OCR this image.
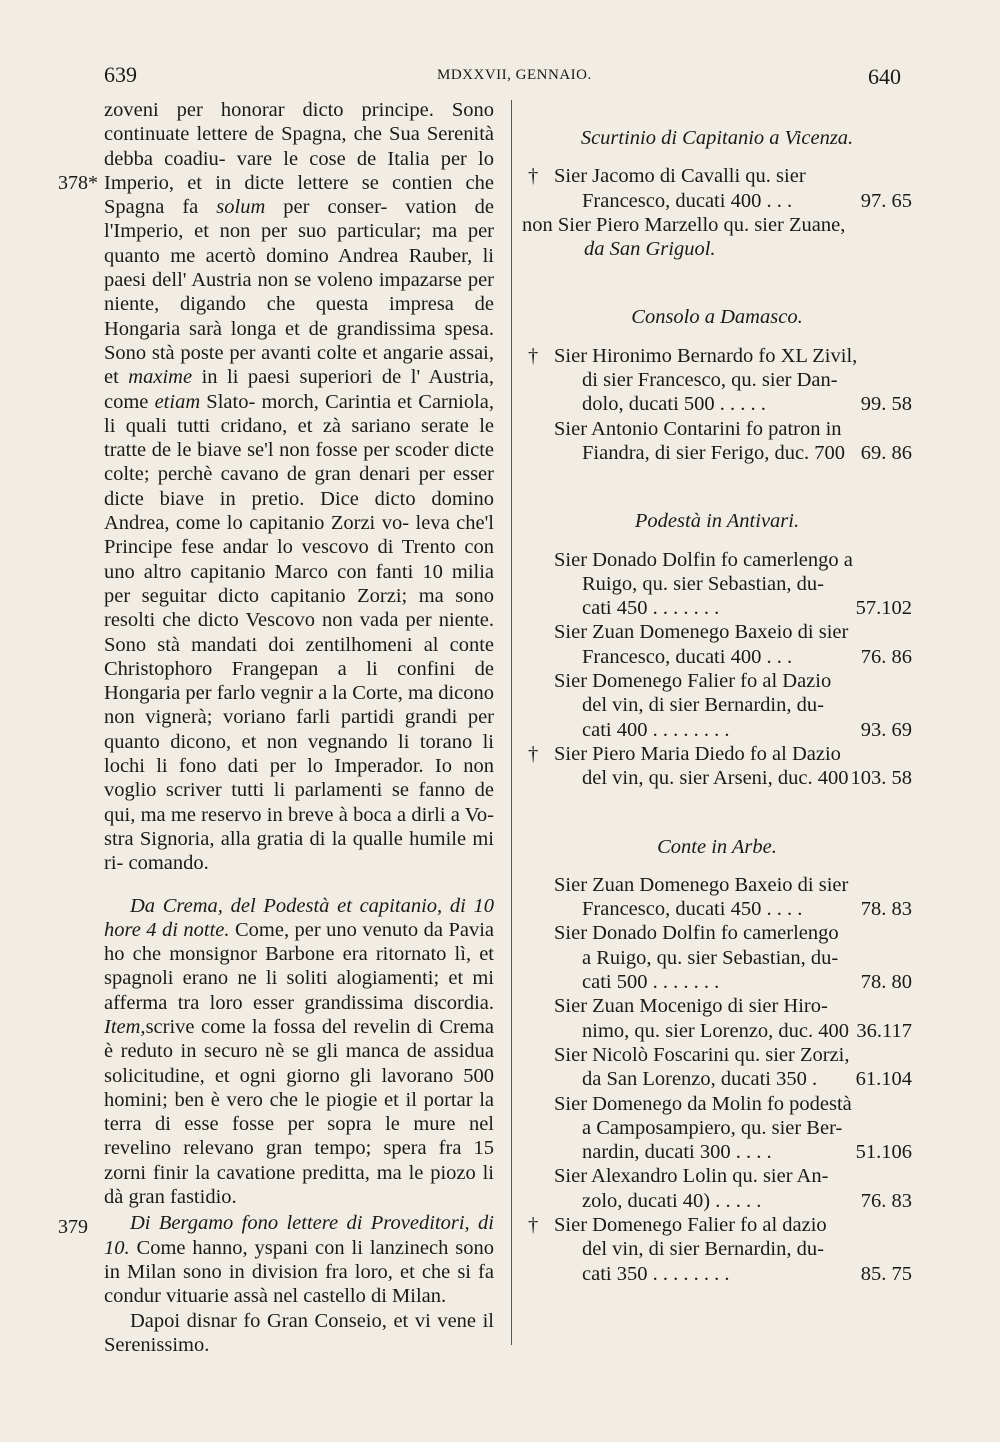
639	MDXXVII, GENNAIO.	640
378*
379

zoveni per honorar dicto principe. Sono continuate lettere de Spagna, che Sua Serenità debba coadiu- vare le cose de Italia per lo Imperio, et in dicte lettere se contien che Spagna fa solum per conser- vation de l'Imperio, et non per suo particular; ma per quanto me acertò domino Andrea Rauber, li paesi dell' Austria non se voleno impazarse per niente, digando che questa impresa de Hongaria sarà longa et de grandissima spesa. Sono stà poste per avanti colte et angarie assai, et maxime in li paesi superiori de l' Austria, come etiam Slato- morch, Carintia et Carniola, li quali tutti cridano, et zà sariano serate le tratte de le biave se'l non fosse per scoder dicte colte; perchè cavano de gran denari per esser dicte biave in pretio. Dice dicto domino Andrea, come lo capitanio Zorzi vo- leva che'l Principe fese andar lo vescovo di Trento con uno altro capitanio Marco con fanti 10 milia per seguitar dicto capitanio Zorzi; ma sono resolti che dicto Vescovo non vada per niente. Sono stà mandati doi zentilhomeni al conte Christophoro Frangepan a li confini de Hongaria per farlo vegnir a la Corte, ma dicono non vignerà; voriano farli partidi grandi per quanto dicono, et non vegnando li torano li lochi li fono dati per lo Imperador. Io non voglio scriver tutti li parlamenti se fanno de qui, ma me reservo in breve à boca a dirli a Vo- stra Signoria, alla gratia di la qualle humile mi ri- comando.

Da Crema, del Podestà et capitanio, di 10 hore 4 di notte. Come, per uno venuto da Pavia ho che monsignor Barbone era ritornato lì, et spagnoli erano ne li soliti alogiamenti; et mi afferma tra loro esser grandissima discordia. Item,scrive come la fossa del revelin di Crema è reduto in securo nè se gli manca de assidua solicitudine, et ogni giorno gli lavorano 500 homini; ben è vero che le piogie et il portar la terra di esse fosse per sopra le mure nel revelino relevano gran tempo; spera fra 15 zorni finir la cavatione preditta, ma le piozo li dà gran fastidio.

Di Bergamo fono lettere di Proveditori, di 10. Come hanno, yspani con li lanzinech sono in Milan sono in division fra loro, et che si fa condur vituarie assà nel castello di Milan.

Dapoi disnar fo Gran Conseio, et vi vene il Serenissimo.

Scurtinio di Capitanio a Vicenza.

† Sier Jacomo di Cavalli qu. sier
Francesco, ducati 400 . . .	97. 65
non Sier Piero Marzello qu. sier Zuane,
da San Griguol.

Consolo a Damasco.

† Sier Hironimo Bernardo fo XL Zivil,
di sier Francesco, qu. sier Dan-
dolo, ducati 500 . . . . .	99. 58
Sier Antonio Contarini fo patron in
Fiandra, di sier Ferigo, duc. 700 69. 86

Podestà in Antivari.

Sier Donado Dolfin fo camerlengo a
Ruigo, qu. sier Sebastian, du-
cati 450 . . . . . . .	57.102
Sier Zuan Domenego Baxeio di sier
Francesco, ducati 400 . . .	76. 86
Sier Domenego Falier fo al Dazio
del vin, di sier Bernardin, du-
cati 400 . . . . . . . .	93. 69
† Sier Piero Maria Diedo fo al Dazio
del vin, qu. sier Arseni, duc. 400 103. 58

Conte in Arbe.

Sier Zuan Domenego Baxeio di sier
Francesco, ducati 450 . . . .	78. 83
Sier Donado Dolfin fo camerlengo
a Ruigo, qu. sier Sebastian, du-
cati 500 . . . . . . .	78. 80
Sier Zuan Mocenigo di sier Hiro-
nimo, qu. sier Lorenzo, duc. 400 36.117
Sier Nicolò Foscarini qu. sier Zorzi,
da San Lorenzo, ducati 350 . 61.104
Sier Domenego da Molin fo podestà
a Camposampiero, qu. sier Ber-
nardin, ducati 300 . . . .	51.106
Sier Alexandro Lolin qu. sier An-
zolo, ducati 40) . . . . .	76. 83
† Sier Domenego Falier fo al dazio
del vin, di sier Bernardin, du-
cati 350 . . . . . . . .	85. 75
